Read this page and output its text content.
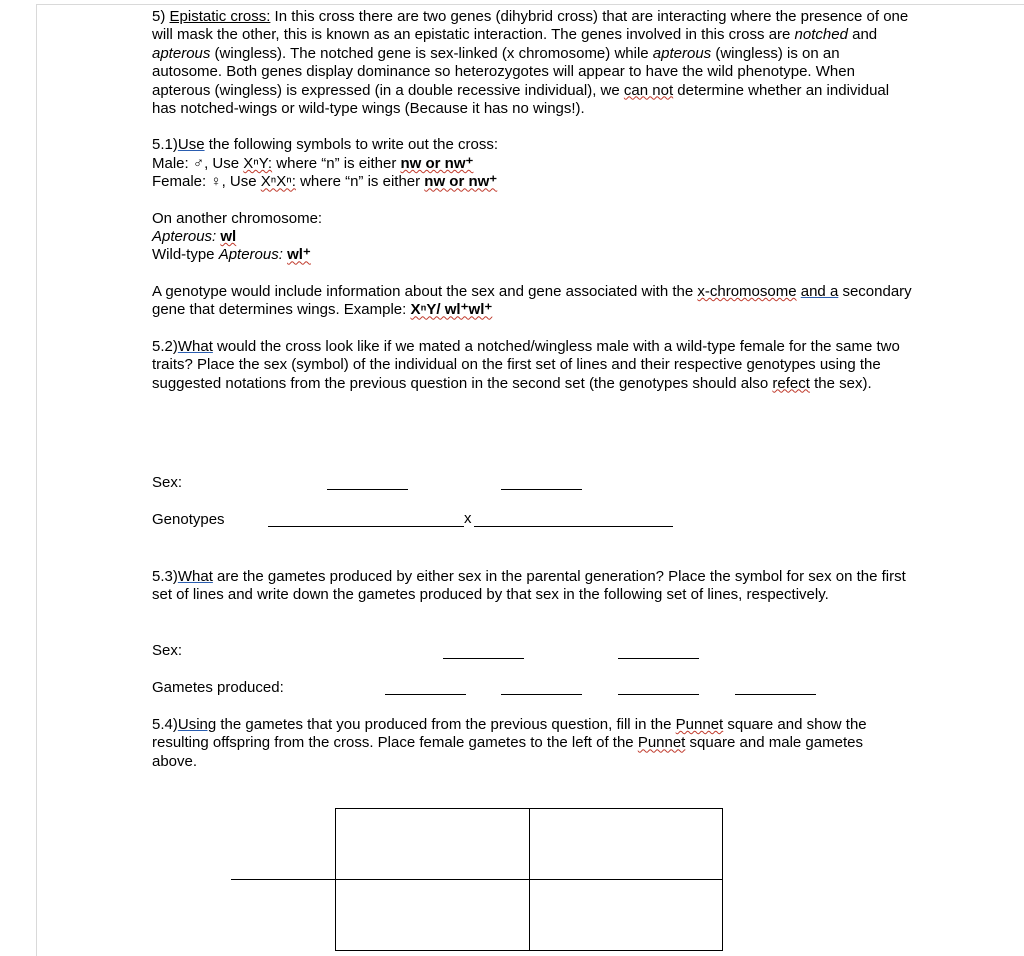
5) Epistatic cross: In this cross there are two genes (dihybrid cross) that are interacting where the presence of one will mask the other, this is known as an epistatic interaction. The genes involved in this cross are notched and apterous (wingless). The notched gene is sex-linked (x chromosome) while apterous (wingless) is on an autosome. Both genes display dominance so heterozygotes will appear to have the wild phenotype. When apterous (wingless) is expressed (in a double recessive individual), we can not determine whether an individual has notched-wings or wild-type wings (Because it has no wings!).

5.1)Use the following symbols to write out the cross:

Male: ♂, Use XⁿY: where “n” is either nw or nw⁺

Female: ♀, Use XⁿXⁿ: where “n” is either nw or nw⁺

On another chromosome:

Apterous: wl

Wild-type Apterous: wl⁺

A genotype would include information about the sex and gene associated with the x-chromosome and a secondary gene that determines wings. Example: XⁿY/ wl⁺wl⁺

5.2)What would the cross look like if we mated a notched/wingless male with a wild-type female for the same two traits? Place the sex (symbol) of the individual on the first set of lines and their respective genotypes using the suggested notations from the previous question in the second set (the genotypes should also refect the sex).

Sex:
Genotypes	x

5.3)What are the gametes produced by either sex in the parental generation? Place the symbol for sex on the first set of lines and write down the gametes produced by that sex in the following set of lines, respectively.

Sex:
Gametes produced:

5.4)Using the gametes that you produced from the previous question, fill in the Punnet square and show the resulting offspring from the cross. Place female gametes to the left of the Punnet square and male gametes above.
